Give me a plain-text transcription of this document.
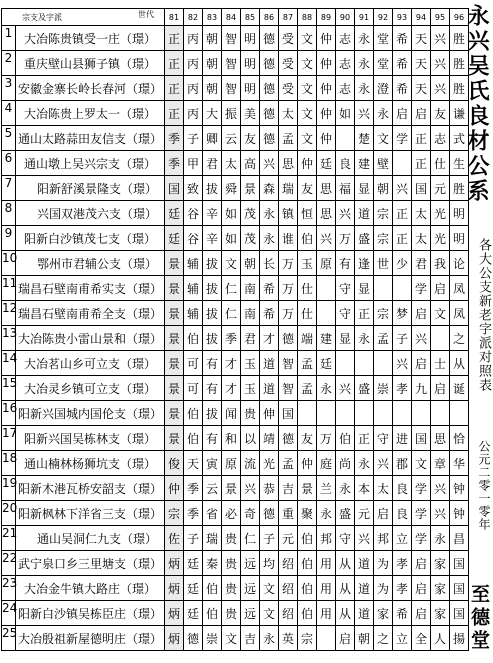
宗支及字派 世代		81	82	83	84	85	86	87	88	89	90	91	92	93	94	95	96
1	大冶陈贵镇受一庄（璟）	正	丙	朝	智	明	德	受	文	仲	志	永	堂	希	天	兴	胜
2	重庆壁山县狮子镇（璟）	正	丙	朝	智	明	德	受	文	仲	志	永	堂	希	天	兴	胜
3	安徽金寨长岭长春河（璟）	正	丙	朝	智	明	德	受	文	仲	志	永	澄	希	天	兴	胜
4	大冶陈贵上罗太一（璟）	正	丙	大	振	美	德	太	文	仲	如	兴	永	启	启	友	谦
5	通山太路蒜田友信支（璟）	季	子	卿	云	友	德	孟	文	仲		楚	文	学	正	志	式
6	通山墩上吴兴宗支（璟）	季	甲	君	太	高	兴	思	仲	廷	良	建	壁		正	仕	生
7	阳新舒溪景隆支（璟）	国	致	拔	舜	景	森	瑞	友	思	福	显	朝	兴	国	元	胜
8	兴国双港茂六支（璟）	廷	谷	辛	如	茂	永	镇	恒	思	兴	道	宗	正	太	光	明
9	阳新白沙镇茂七支（璟）	廷	谷	辛	如	茂	永	谁	伯	兴	万	盛	宗	正	太	光	明
10	鄂州市君辅公支（璟）	景	辅	拔	文	朝	长	万	玉	原	有	逢	世	少	君	我	论
11	瑞昌石壁南甫希实支（璟）	景	辅	拔	仁	南	希	万	仕		守	显			学	启	凤
12	瑞昌石壁南甫希全支（璟）	景	辅	拔	仁	南	希	万	仕		守	正	宗	梦	启	文	凤
13	大冶陈贵小雷山景和（璟）	景	伯	拔	季	君	才	德	端	建	显	永	孟	子	兴		之
14	大冶茗山乡可立支（璟）	景	可	有	才	玉	道	智	孟	廷				兴	启	士	从
15	大冶灵乡镇可立支（璟）	景	可	有	才	玉	道	智	孟	永	兴	盛	崇	孝	九	启	诞
16	阳新兴国城内国伦支（璟）	景	伯	拔	闻	贵	伸	国									
17	阳新兴国吴栋林支（璟）	景	伯	有	和	以	靖	德	友	万	伯	正	守	进	国	思	恰
18	通山楠林杨狮坑支（璟）	俊	天	寅	原	流	光	孟	仲	庭	尚	永	兴	郡	文	章	华
19	阳新木港瓦桥安韶支（璟）	仲	季	云	景	兴	恭	吉	景	兰	永	本	太	良	学	兴	钟
20	阳新枫林下洋省三支（璟）	宗	季	省	必	奇	德	重	聚	永	盛	元	启	良	学	兴	钟
21	通山吴洞仁九支（璟）	佐	子	瑞	贵	仁	子	元	伯	邦	守	兴	邦	立	学	永	昌
22	武宁泉口乡三里塘支（璟）	炳	廷	秦	贵	远	均	绍	伯	用	从	道	为	孝	启	家	国
23	大冶金牛镇大路庄（璟）	炳	廷	伯	贵	远	文	绍	伯	用	从	道	为	孝	启	家	国
24	阳新白沙镇吴栋臣庄（璟）	炳	廷	伯	贵	远	文	绍	伯	用	从	道	家	希	启	家	国
25	大冶殷祖新屋德明庄（璟）	炳	德	崇	文	吉	永	英	宗		启	朝	之	立	全	人	揚
永兴吴氏良材公系
各大公支新老字派对照表
公元二零一零年
至德堂
